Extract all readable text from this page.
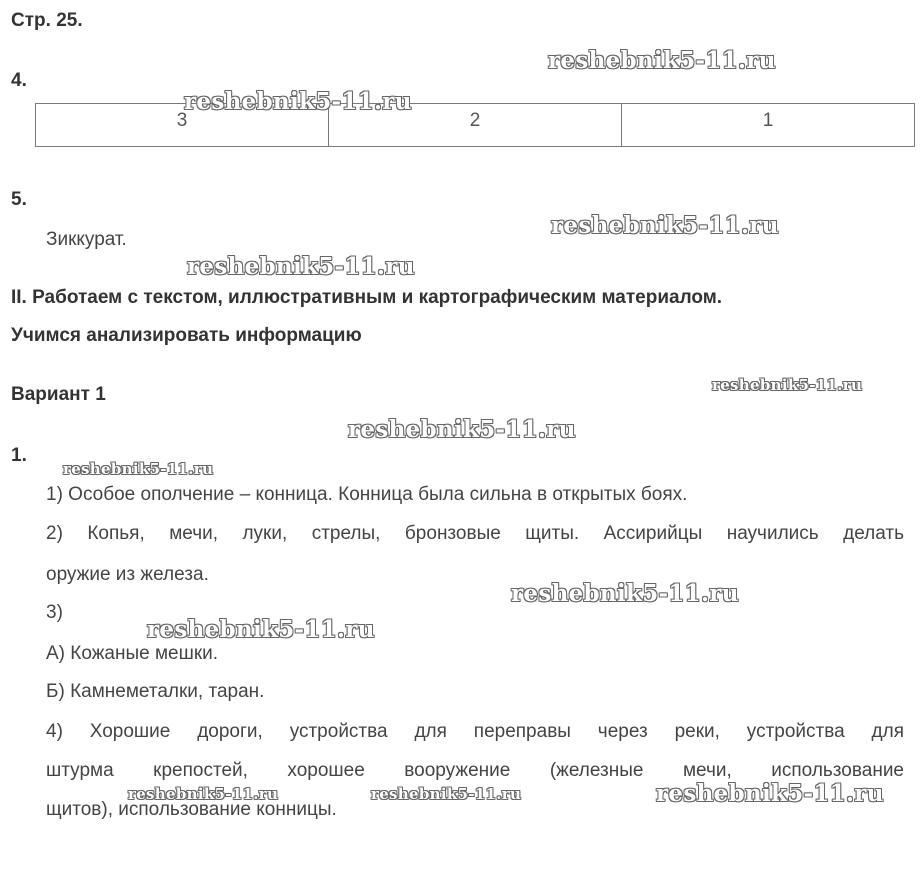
Стр. 25.
4.
3	2	1
5.
Зиккурат.
II. Работаем с текстом, иллюстративным и картографическим материалом.
Учимся анализировать информацию
Вариант 1
1.
1) Особое ополчение – конница. Конница была сильна в открытых боях.
2) Копья, мечи, луки, стрелы, бронзовые щиты. Ассирийцы научились делать
оружие из железа.
3)
А) Кожаные мешки.
Б) Камнеметалки, таран.
4) Хорошие дороги, устройства для переправы через реки, устройства для
штурма крепостей, хорошее вооружение (железные мечи, использование
щитов), использование конницы.
reshebnik5-11.ru
reshebnik5-11.ru
reshebnik5-11.ru
reshebnik5-11.ru
reshebnik5-11.ru
reshebnik5-11.ru
reshebnik5-11.ru
reshebnik5-11.ru
reshebnik5-11.ru
reshebnik5-11.ru	reshebnik5-11.ru	reshebnik5-11.ru
